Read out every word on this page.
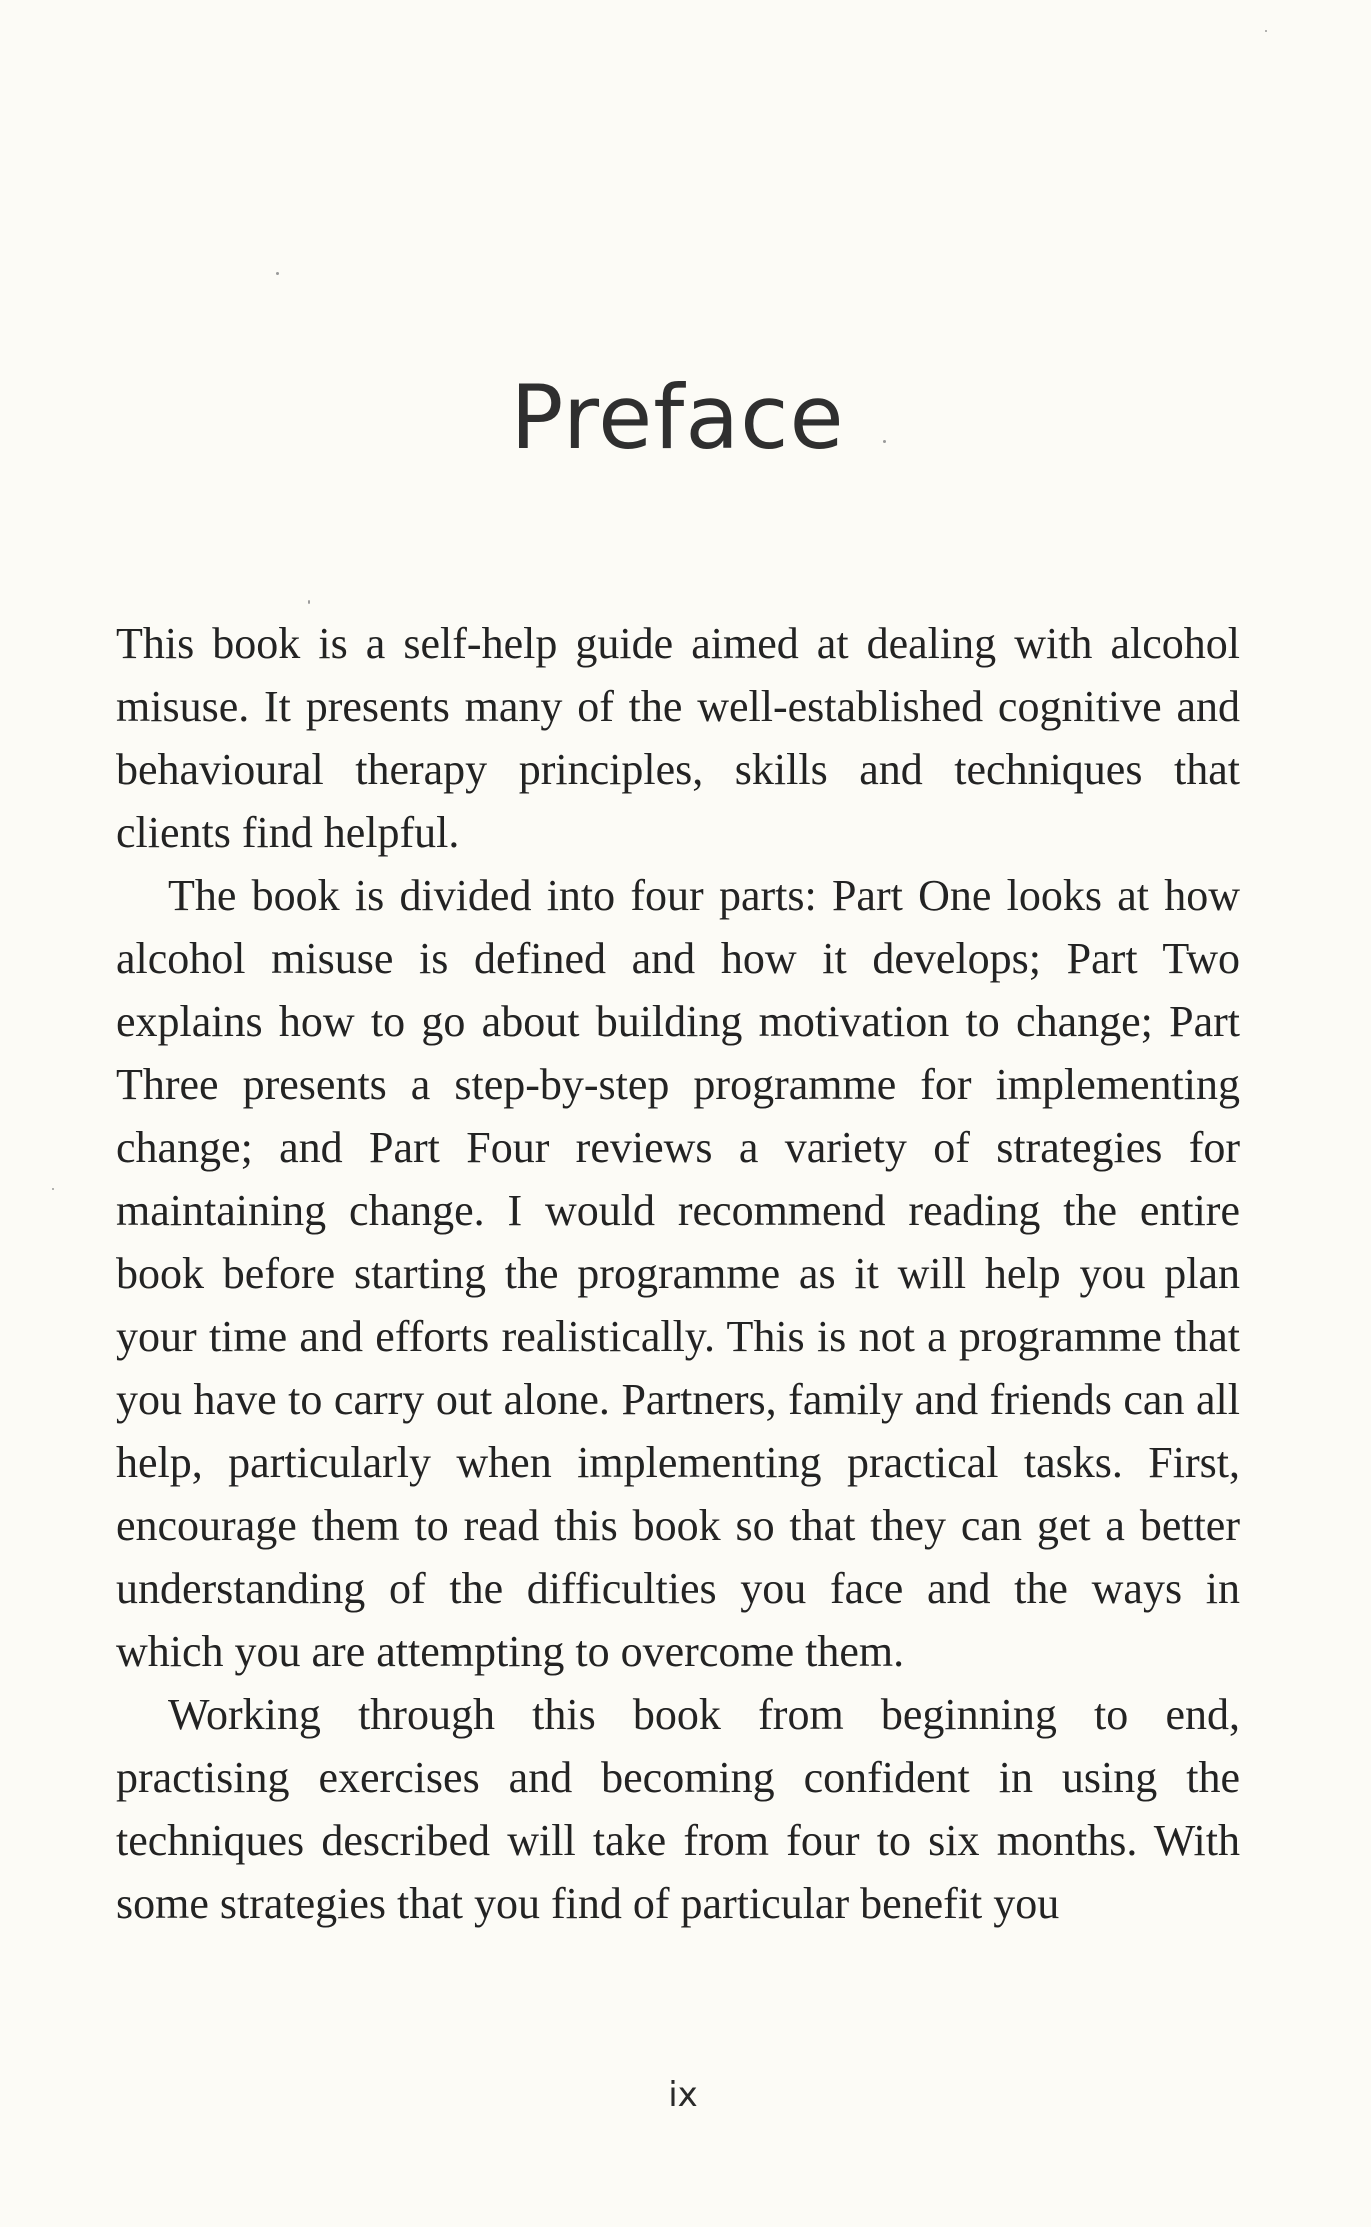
Preface

This book is a self-help guide aimed at dealing with alcohol misuse. It presents many of the well-established cognitive and behavioural therapy principles, skills and techniques that clients find helpful.

The book is divided into four parts: Part One looks at how alcohol misuse is defined and how it develops; Part Two explains how to go about building motivation to change; Part Three presents a step-by-step programme for implementing change; and Part Four reviews a variety of strategies for maintaining change. I would recommend reading the entire book before starting the programme as it will help you plan your time and efforts realistically. This is not a programme that you have to carry out alone. Partners, family and friends can all help, particularly when implementing practical tasks. First, encourage them to read this book so that they can get a better understanding of the difficulties you face and the ways in which you are attempting to overcome them.

Working through this book from beginning to end, practising exercises and becoming confident in using the techniques described will take from four to six months. With some strategies that you find of particular benefit you

ix
